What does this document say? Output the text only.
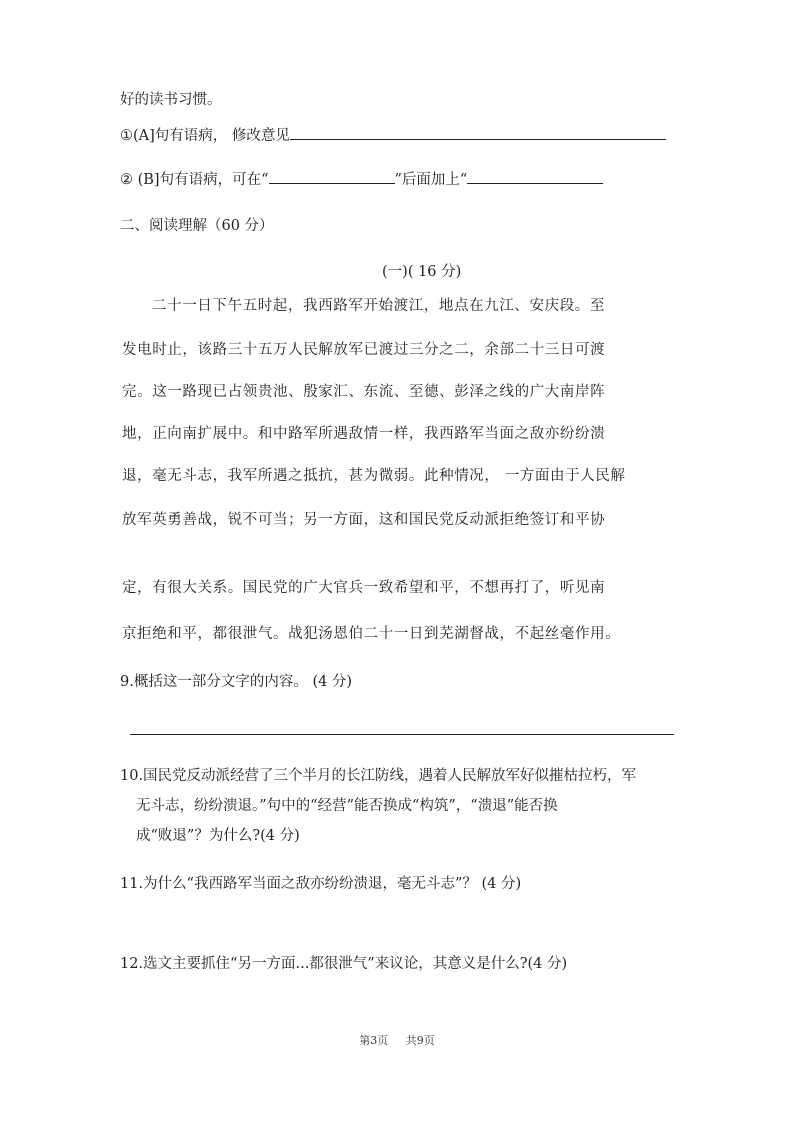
好的读书习惯。
①(A]句有语病， 修改意见
② (B]句有语病，可在“	”后面加上“
二、阅读理解（60 分）
(一)( 16 分)
二十一日下午五时起，我西路军开始渡江，地点在九江、安庆段。至
发电时止，该路三十五万人民解放军已渡过三分之二，余部二十三日可渡
完。这一路现已占领贵池、殷家汇、东流、至德、彭泽之线的广大南岸阵
地，正向南扩展中。和中路军所遇敌情一样，我西路军当面之敌亦纷纷溃
退，毫无斗志，我军所遇之抵抗，甚为微弱。此种情况， 一方面由于人民解
放军英勇善战，锐不可当；另一方面，这和国民党反动派拒绝签订和平协
定，有很大关系。国民党的广大官兵一致希望和平，不想再打了，听见南
京拒绝和平，都很泄气。战犯汤恩伯二十一日到芜湖督战，不起丝毫作用。
9.概括这一部分文字的内容。 (4 分)
10.国民党反动派经营了三个半月的长江防线，遇着人民解放军好似摧枯拉朽，军
无斗志，纷纷溃退。”句中的“经营”能否换成“构筑”，“溃退”能否换
成“败退”？为什么?(4 分)
11.为什么“我西路军当面之敌亦纷纷溃退，毫无斗志”？ (4 分)
12.选文主要抓住“另一方面...都很泄气”来议论，其意义是什么?(4 分)
第3页 共9页
